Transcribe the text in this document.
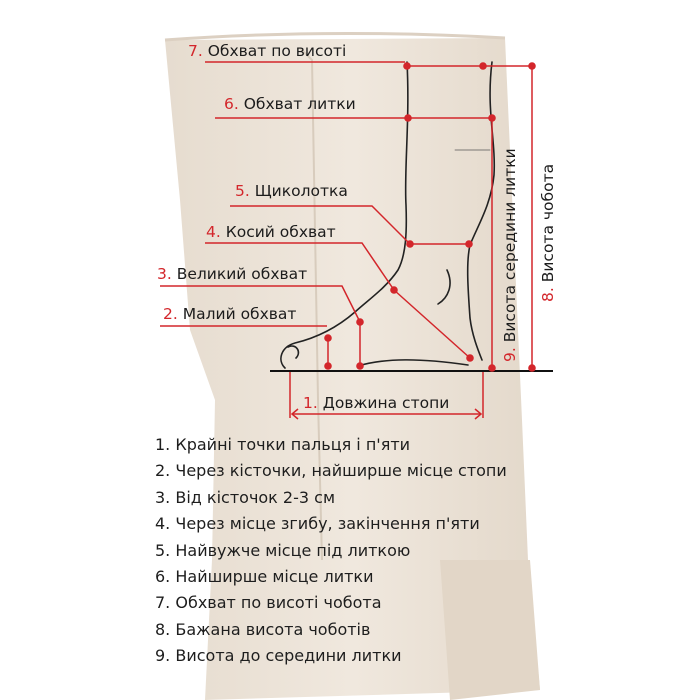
7. Обхват по висоті
6. Обхват литки
5. Щиколотка
4. Косий обхват
3. Великий обхват
2. Малий обхват
1. Довжина стопи
9. Висота середини литки 8. Висота чобота
1. Крайні точки пальця і п'яти
2. Через кісточки, найширше місце стопи
3. Від кісточок 2-3 см
4. Через місце згибу, закінчення п'яти
5. Найвужче місце під литкою
6. Найширше місце литки
7. Обхват по висоті чобота
8. Бажана висота чоботів
9. Висота до середини литки
